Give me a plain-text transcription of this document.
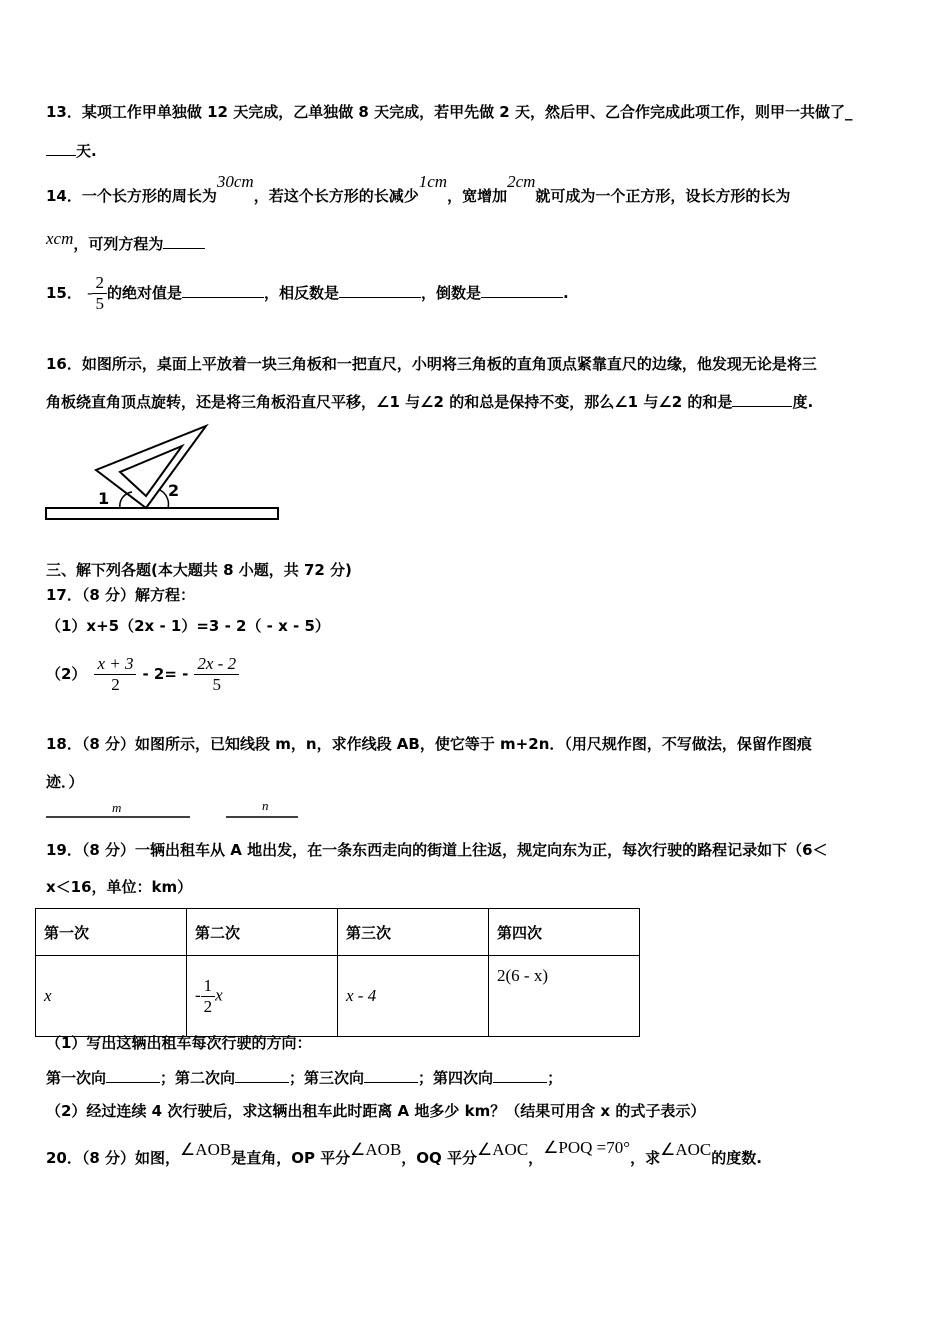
13．某项工作甲单独做 12 天完成，乙单独做 8 天完成，若甲先做 2 天，然后甲、乙合作完成此项工作，则甲一共做了_
天.
14．一个长方形的周长为30cm，若这个长方形的长减少1cm，宽增加2cm就可成为一个正方形，设长方形的长为
xcm，可列方程为
15． - $\frac{2}{5}$ 的绝对值是	，相反数是	，倒数是	.
16．如图所示，桌面上平放着一块三角板和一把直尺，小明将三角板的直角顶点紧靠直尺的边缘，他发现无论是将三
角板绕直角顶点旋转，还是将三角板沿直尺平移，∠1 与∠2 的和总是保持不变，那么∠1 与∠2 的和是	度.
1	2
三、解下列各题(本大题共 8 小题，共 72 分)
17．（8 分）解方程：
（1）x+5（2x - 1）=3 - 2（ - x - 5）
$(2) \frac{x + 3}{2} - 2= - \frac{2x - 2}{5}$
18．（8 分）如图所示，已知线段 m，n，求作线段 AB，使它等于 m+2n．（用尺规作图，不写做法，保留作图痕
迹．）
m	n
19．（8 分）一辆出租车从 A 地出发，在一条东西走向的街道上往返，规定向东为正，每次行驶的路程记录如下（6＜
x＜16，单位：km）
第一次	第二次	第三次	第四次
x	- $\frac{1}{2}$ x	x - 4	2(6 - x)
（1）写出这辆出租车每次行驶的方向：
第一次向	；第二次向	；第三次向	；第四次向	；
（2）经过连续 4 次行驶后，求这辆出租车此时距离 A 地多少 km？（结果可用含 x 的式子表示）
20．（8 分）如图，∠AOB是直角，OP 平分∠AOB，OQ 平分∠AOC，∠POQ =70°，求∠AOC的度数.
